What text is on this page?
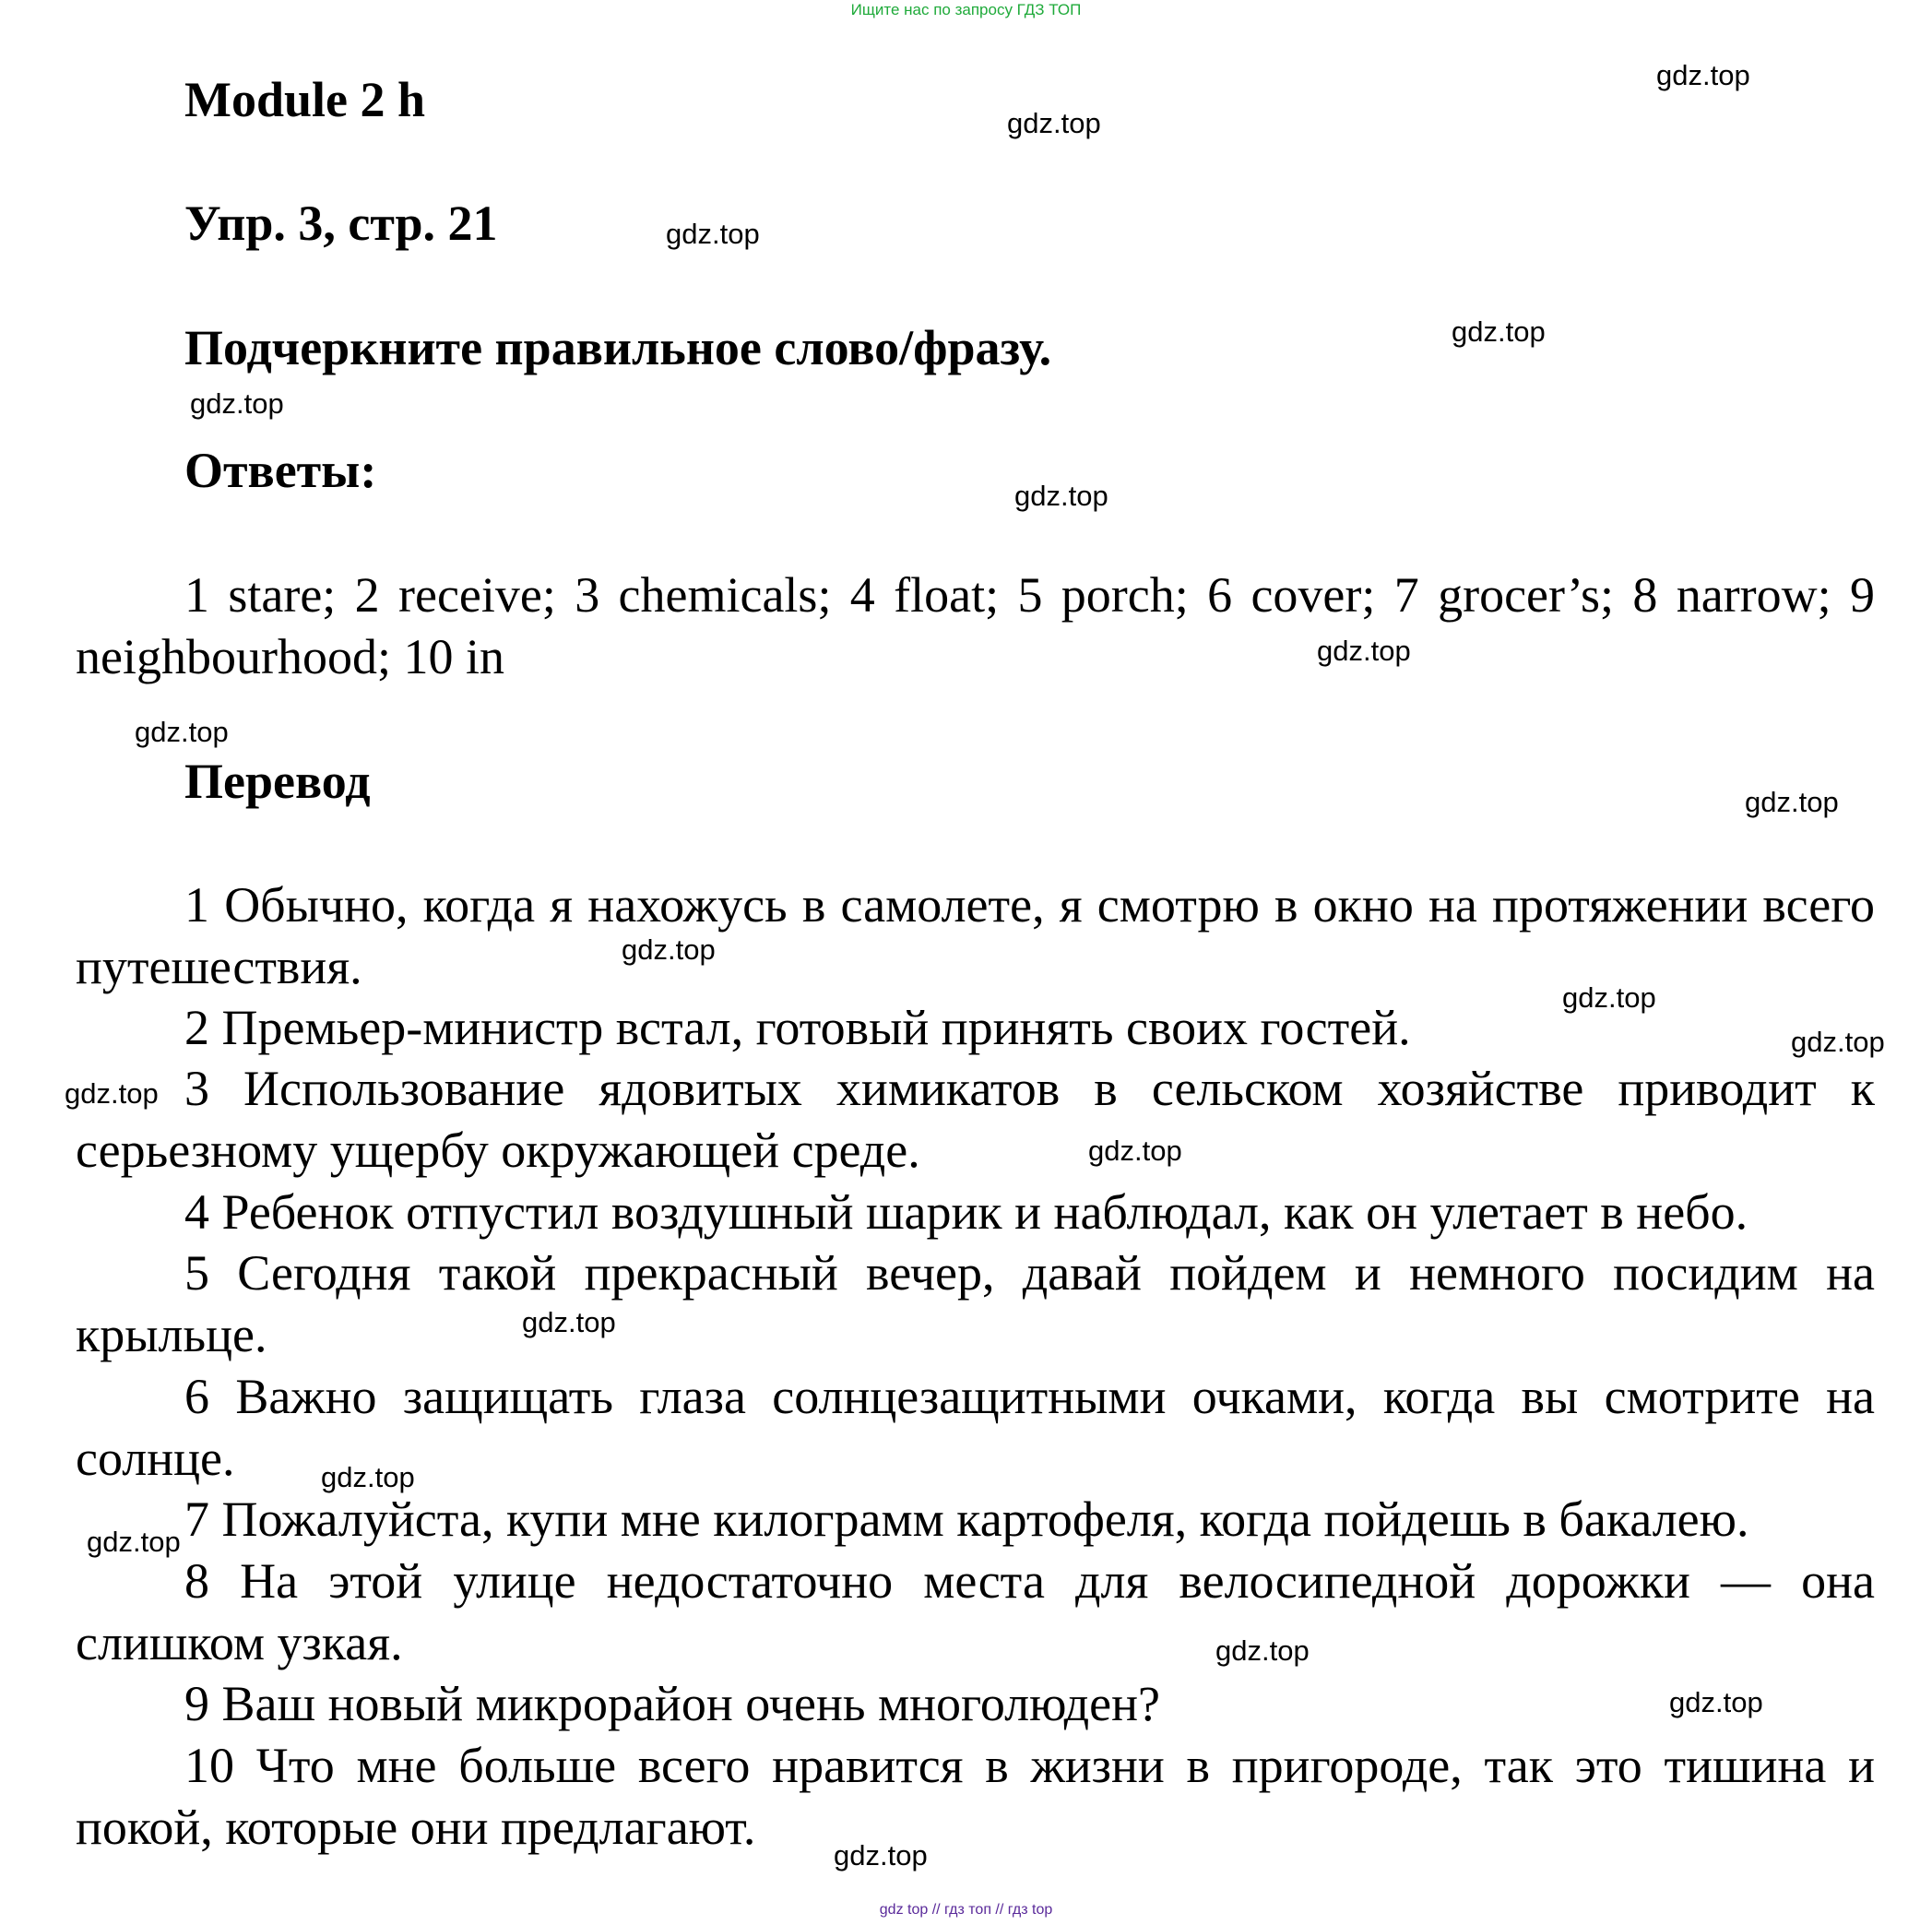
Ищите нас по запросу ГДЗ ТОП
Module 2 h
Упр. 3, стр. 21
Подчеркните правильное слово/фразу.
Ответы:

1 stare; 2 receive; 3 chemicals; 4 float; 5 porch; 6 cover; 7 grocer’s; 8 narrow; 9 neighbourhood; 10 in

Перевод

1 Обычно, когда я нахожусь в самолете, я смотрю в окно на протяжении всего путешествия.

2 Премьер-министр встал, готовый принять своих гостей.

3 Использование ядовитых химикатов в сельском хозяйстве приводит к серьезному ущербу окружающей среде.

4 Ребенок отпустил воздушный шарик и наблюдал, как он улетает в небо.

5 Сегодня такой прекрасный вечер, давай пойдем и немного посидим на крыльце.

6 Важно защищать глаза солнцезащитными очками, когда вы смотрите на солнце.

7 Пожалуйста, купи мне килограмм картофеля, когда пойдешь в бакалею.

8 На этой улице недостаточно места для велосипедной дорожки — она слишком узкая.

9 Ваш новый микрорайон очень многолюден?

10 Что мне больше всего нравится в жизни в пригороде, так это тишина и покой, которые они предлагают.

gdz.top
gdz.top
gdz.top
gdz.top
gdz.top
gdz.top
gdz.top
gdz.top
gdz.top
gdz.top
gdz.top
gdz.top
gdz.top
gdz.top
gdz.top
gdz.top
gdz.top
gdz.top
gdz.top
gdz.top
gdz top // гдз топ // гдз top
